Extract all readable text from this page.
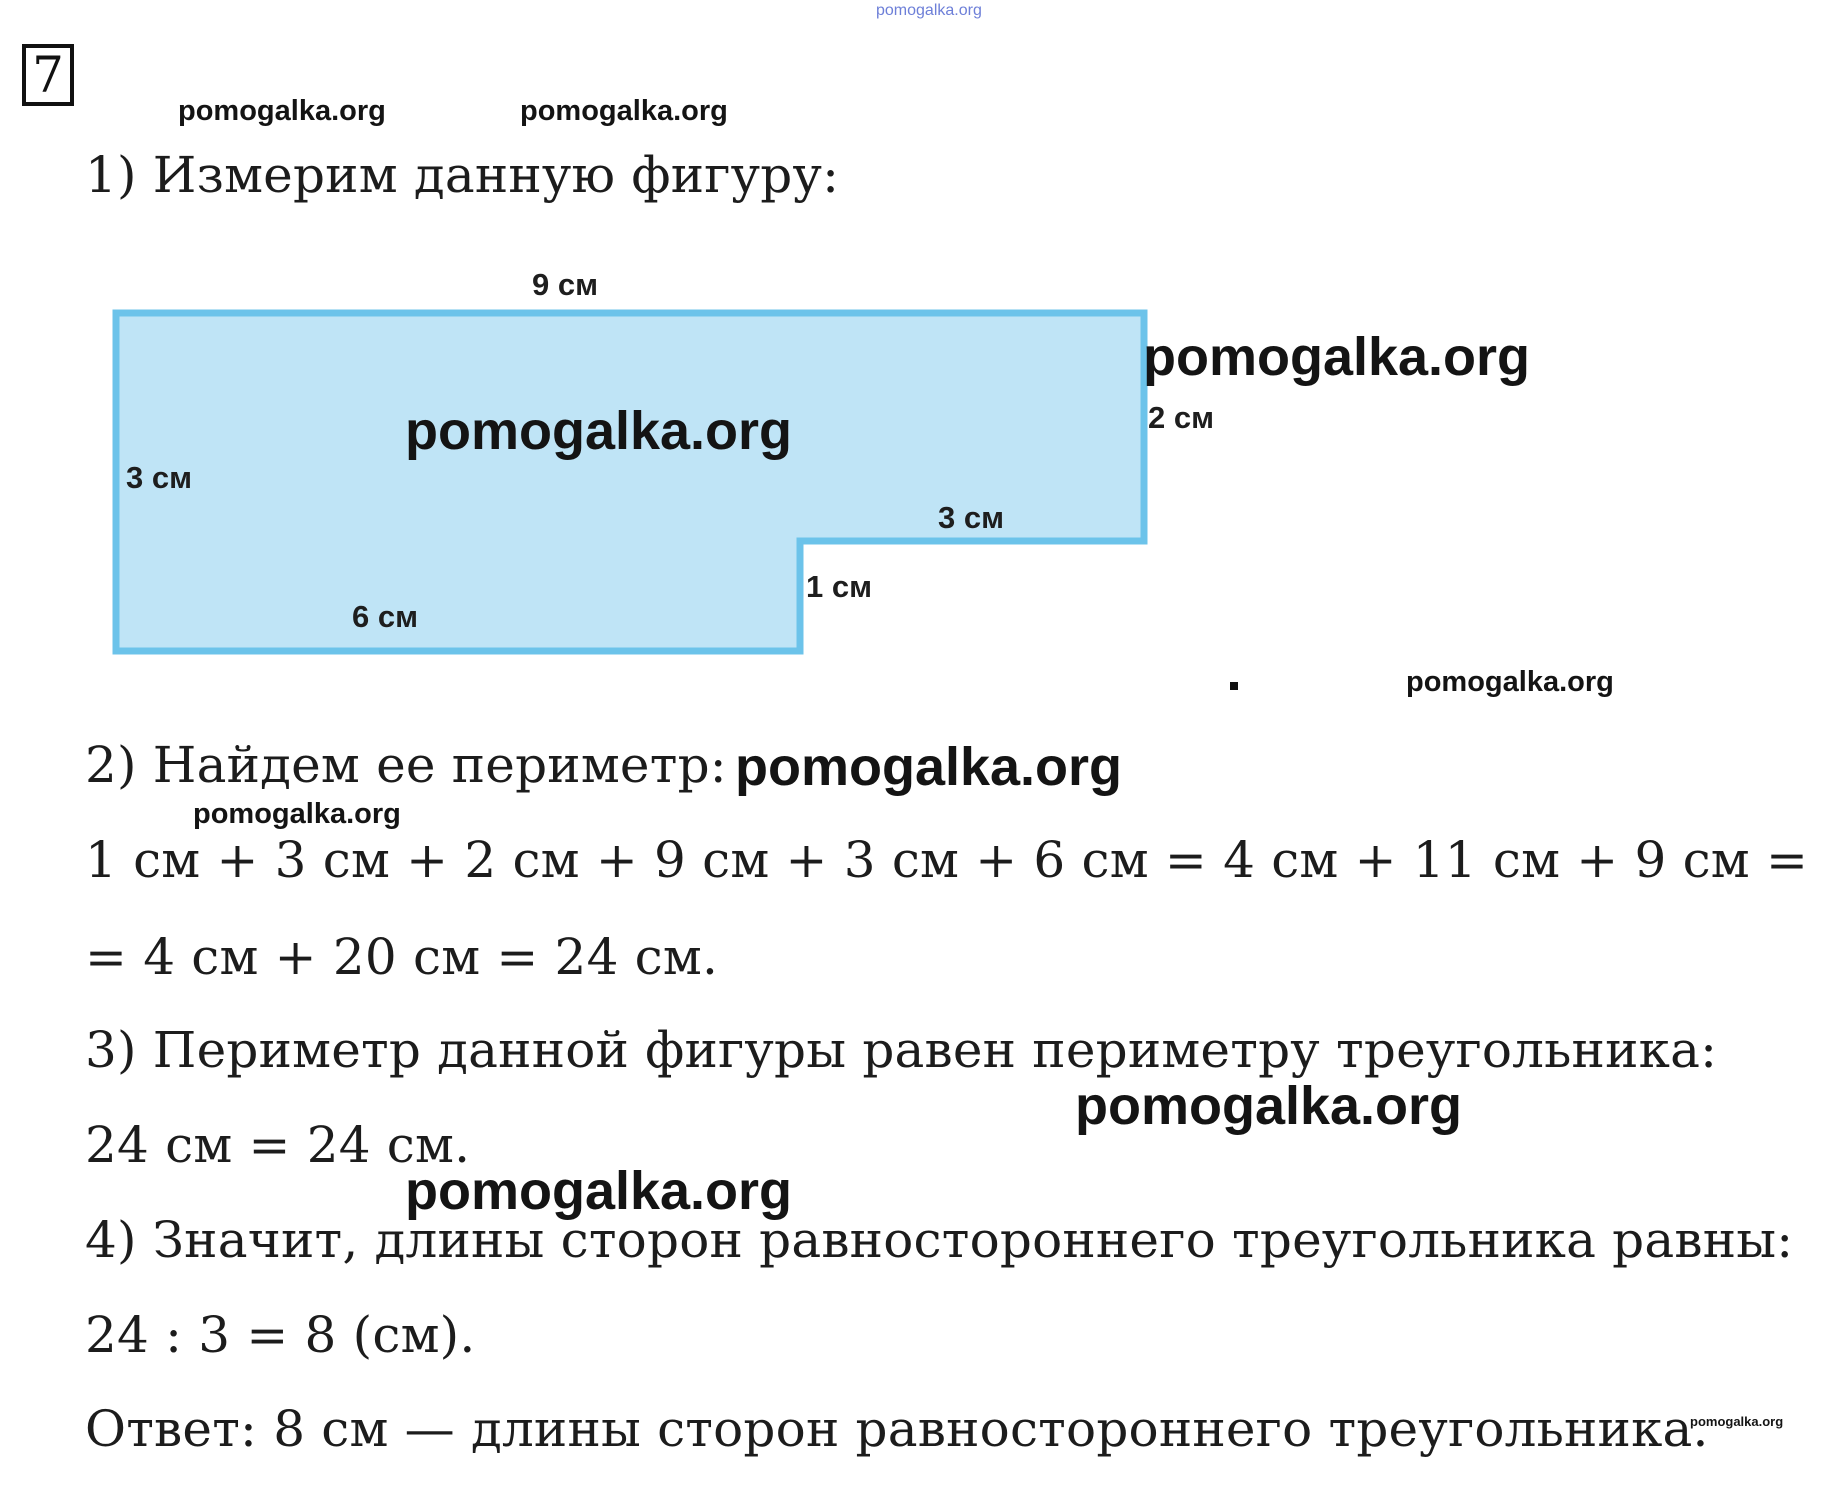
pomogalka.org
7
pomogalka.org	pomogalka.org
1) Измерим данную фигуру:
9 см
3 см
2 см
3 см
1 см
6 см
pomogalka.org
pomogalka.org
pomogalka.org
2) Найдем ее периметр: pomogalka.org
pomogalka.org
1 см + 3 см + 2 см + 9 см + 3 см + 6 см = 4 см + 11 см + 9 см =
= 4 см + 20 см = 24 см.
3) Периметр данной фигуры равен периметру треугольника:
pomogalka.org
24 см = 24 см.
pomogalka.org
4) Значит, длины сторон равностороннего треугольника равны:
24 : 3 = 8 (см).
Ответ: 8 см — длины сторон равностороннего треугольника.
pomogalka.org
